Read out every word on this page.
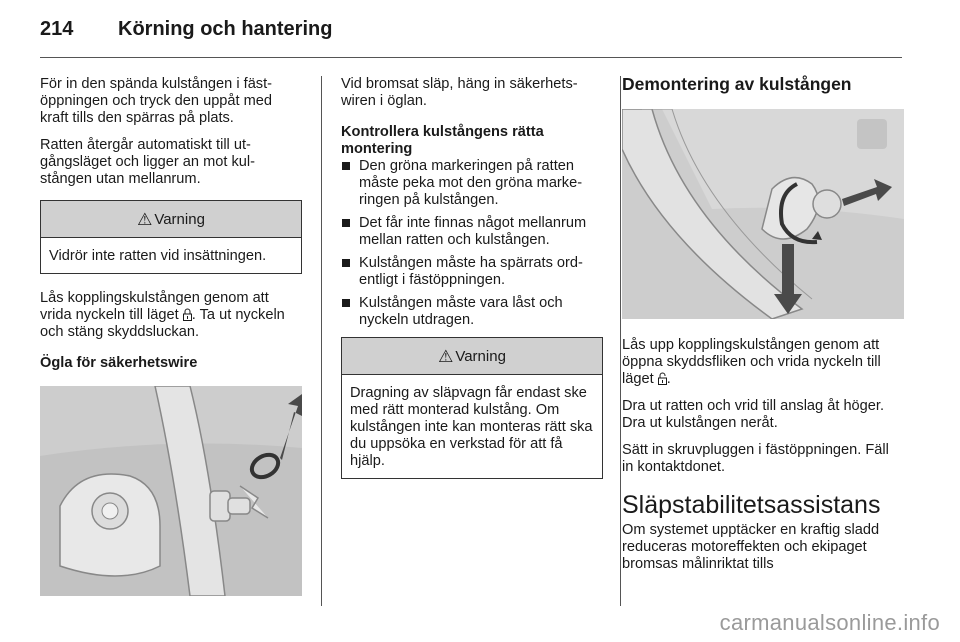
214	Körning och hantering

För in den spända kulstången i fäst-öppningen och tryck den uppåt med kraft tills den spärras på plats.

Ratten återgår automatiskt till ut-gångsläget och ligger an mot kul-stången utan mellanrum.

⚠ Varning
Vidrör inte ratten vid insättningen.

Lås kopplingskulstången genom att vrida nyckeln till läget . Ta ut nyckeln och stäng skyddsluckan.

Ögla för säkerhetswire

Vid bromsat släp, häng in säkerhets-wiren i öglan.

Kontrollera kulstångens rätta montering

Den gröna markeringen på ratten måste peka mot den gröna marke-ringen på kulstången.
Det får inte finnas något mellanrum mellan ratten och kulstången.
Kulstången måste ha spärrats ord-entligt i fästöppningen.
Kulstången måste vara låst och nyckeln utdragen.
⚠ Varning
Dragning av släpvagn får endast ske med rätt monterad kulstång. Om kulstången inte kan monteras rätt ska du uppsöka en verkstad för att få hjälp.
Demontering av kulstången

Lås upp kopplingskulstången genom att öppna skyddsfliken och vrida nyckeln till läget .

Dra ut ratten och vrid till anslag åt höger. Dra ut kulstången neråt.

Sätt in skruvpluggen i fästöppningen. Fäll in kontaktdonet.

Släpstabilitetsassistans

Om systemet upptäcker en kraftig sladd reduceras motoreffekten och ekipaget bromsas målinriktat tills

carmanualsonline.info
